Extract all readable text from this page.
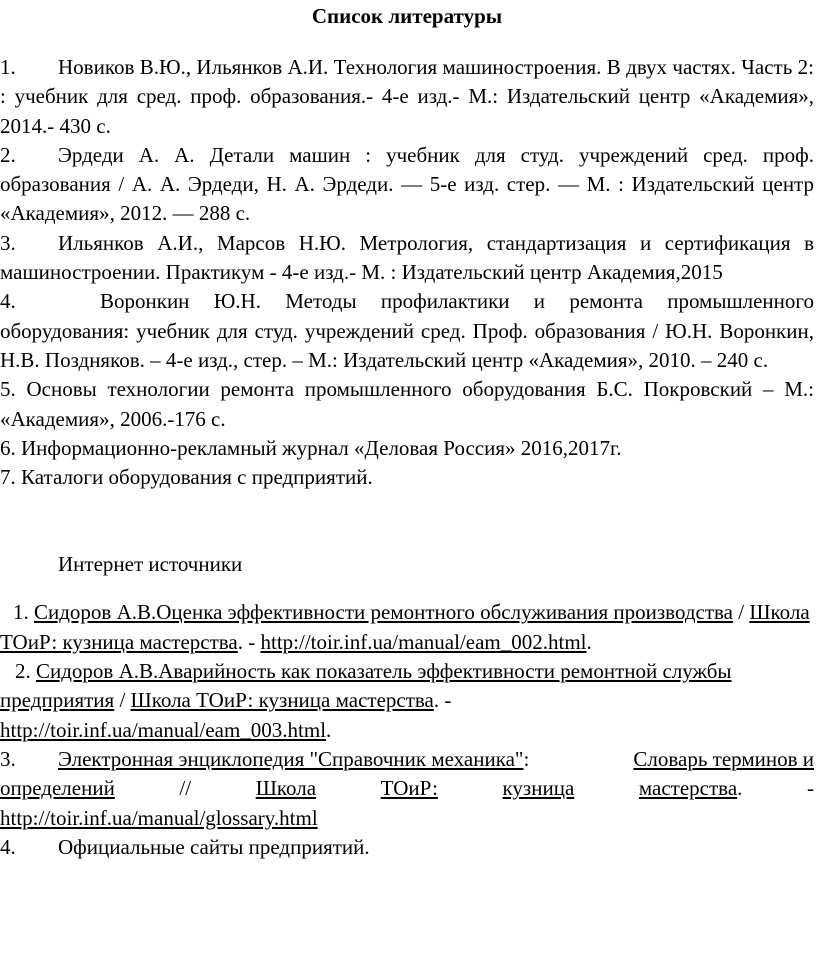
Список литературы

1. Новиков В.Ю., Ильянков А.И. Технология машиностроения. В двух частях. Часть 2: : учебник для сред. проф. образования.- 4-е изд.- М.: Издательский центр «Академия», 2014.- 430 с.

2. Эрдеди А. А. Детали машин : учебник для студ. учреждений сред. проф. образования / А. А. Эрдеди, Н. А. Эрдеди. — 5-е изд. стер. — М. : Издательский центр «Академия», 2012. — 288 с.

3. Ильянков А.И., Марсов Н.Ю. Метрология, стандартизация и сертификация в машиностроении. Практикум - 4-е изд.- М. : Издательский центр Академия,2015

4.	Воронкин Ю.Н. Методы профилактики и ремонта промышленного оборудования: учебник для студ. учреждений сред. Проф. образования / Ю.Н. Воронкин, Н.В. Поздняков. – 4-е изд., стер. – М.: Издательский центр «Академия», 2010. – 240 с.

5. Основы технологии ремонта промышленного оборудования Б.С. Покровский – М.: «Академия», 2006.-176 с.

6. Информационно-рекламный журнал «Деловая Россия» 2016,2017г.

7. Каталоги оборудования с предприятий.

Интернет источники

1. Сидоров А.В.Оценка эффективности ремонтного обслуживания производства / Школа ТОиР: кузница мастерства. - http://toir.inf.ua/manual/eam_002.html.

2. Сидоров А.В.Аварийность как показатель эффективности ремонтной службы предприятия / Школа ТОиР: кузница мастерства. -
http://toir.inf.ua/manual/eam_003.html.

3. Электронная энциклопедия "Справочник механика":	Словарь терминов и

определений	//	Школа	ТОиР:	кузница	мастерства.	-

http://toir.inf.ua/manual/glossary.html

4. Официальные сайты предприятий.
